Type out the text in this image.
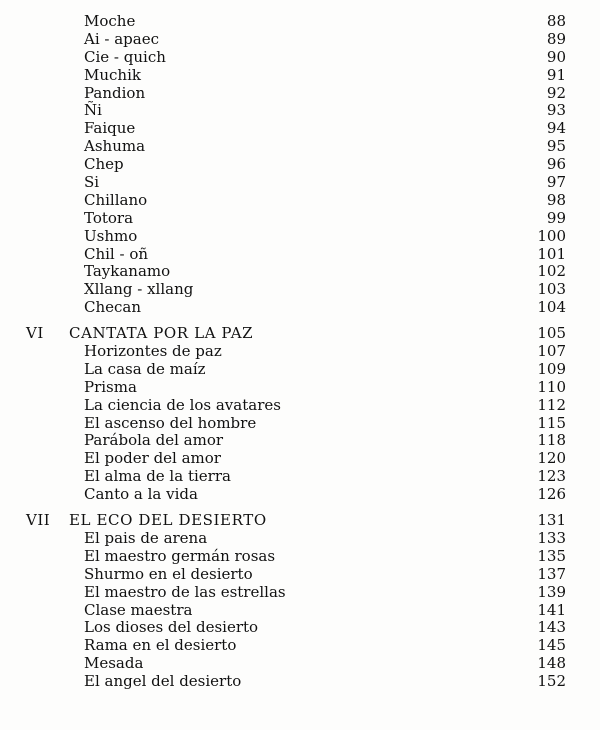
Moche	88
Ai - apaec	89
Cie - quich	90
Muchik	91
Pandion	92
Ñi	93
Faique	94
Ashuma	95
Chep	96
Si	97
Chillano	98
Totora	99
Ushmo	100
Chil - oñ	101
Taykanamo	102
Xllang - xllang	103
Checan	104
VI CANTATA POR LA PAZ	105
Horizontes de paz	107
La casa de maíz	109
Prisma	110
La ciencia de los avatares	112
El ascenso del hombre	115
Parábola del amor	118
El poder del amor	120
El alma de la tierra	123
Canto a la vida	126
VII EL ECO DEL DESIERTO	131
El pais de arena	133
El maestro germán rosas	135
Shurmo en el desierto	137
El maestro de las estrellas	139
Clase maestra	141
Los dioses del desierto	143
Rama en el desierto	145
Mesada	148
El angel del desierto	152
